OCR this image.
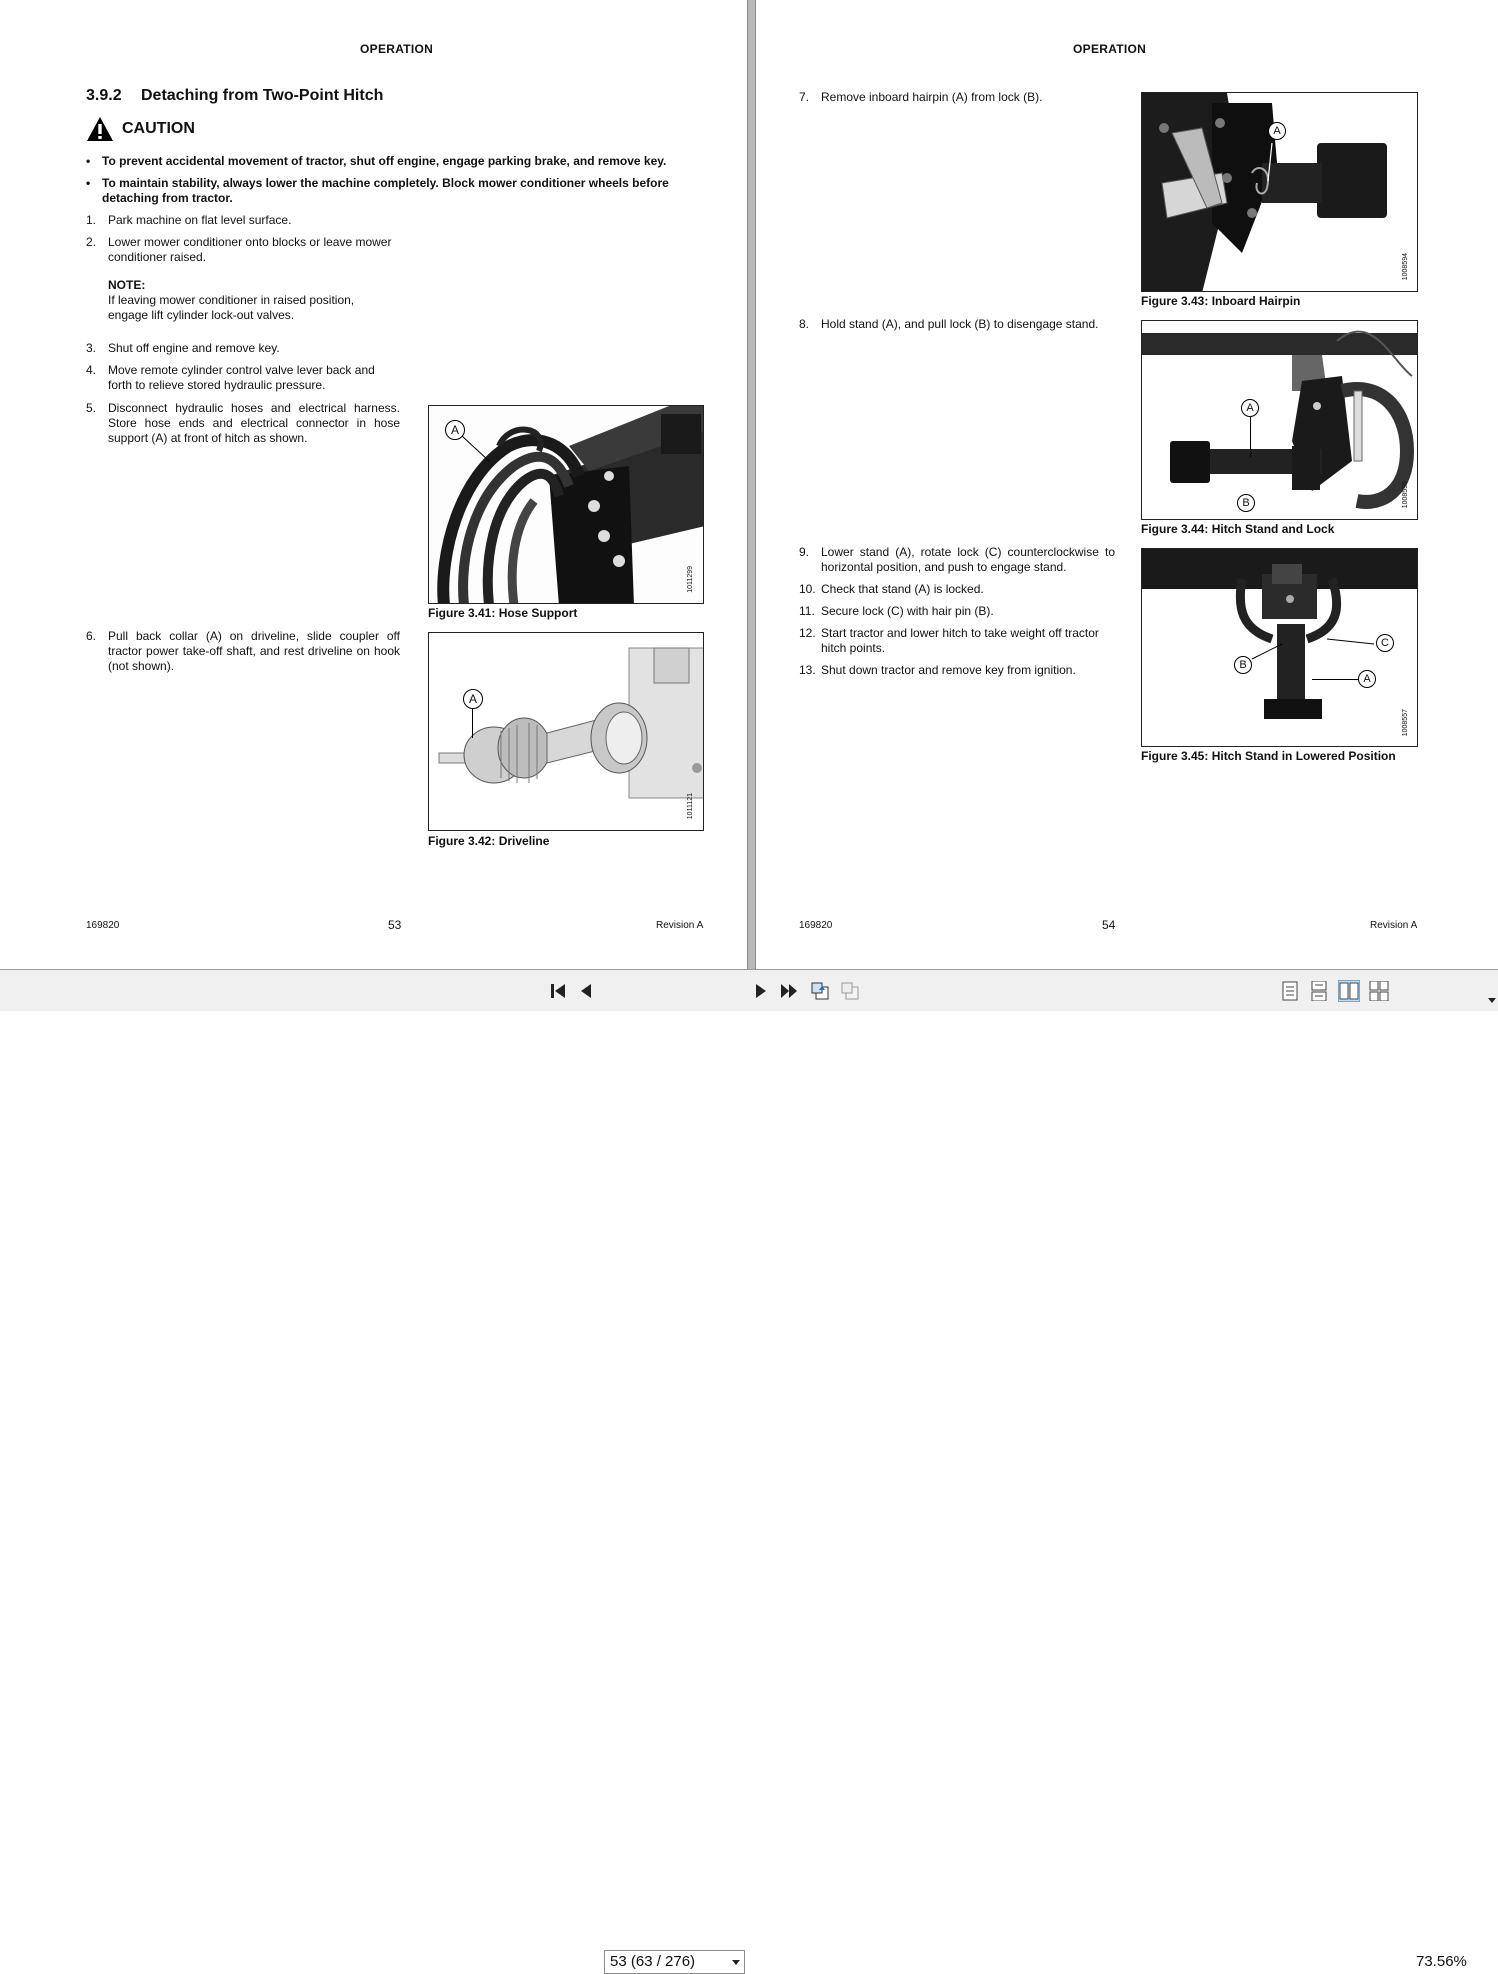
OPERATION
3.9.2 Detaching from Two-Point Hitch
CAUTION
• To prevent accidental movement of tractor, shut off engine, engage parking brake, and remove key.
• To maintain stability, always lower the machine completely. Block mower conditioner wheels before detaching from tractor.
1. Park machine on flat level surface.
2. Lower mower conditioner onto blocks or leave mower conditioner raised.
NOTE:
If leaving mower conditioner in raised position, engage lift cylinder lock-out valves.
3. Shut off engine and remove key.
4. Move remote cylinder control valve lever back and forth to relieve stored hydraulic pressure.
5. Disconnect hydraulic hoses and electrical harness. Store hose ends and electrical connector in hose support (A) at front of hitch as shown.
6. Pull back collar (A) on driveline, slide coupler off tractor power take-off shaft, and rest driveline on hook (not shown).
A
1011299
Figure 3.41: Hose Support
A
1011121
Figure 3.42: Driveline
169820	53	Revision A
OPERATION
7. Remove inboard hairpin (A) from lock (B).
8. Hold stand (A), and pull lock (B) to disengage stand.
9. Lower stand (A), rotate lock (C) counterclockwise to horizontal position, and push to engage stand.
10. Check that stand (A) is locked.
11. Secure lock (C) with hair pin (B).
12. Start tractor and lower hitch to take weight off tractor hitch points.
13. Shut down tractor and remove key from ignition.
A
1008594
Figure 3.43: Inboard Hairpin
A
B	1008555
Figure 3.44: Hitch Stand and Lock
C
B
A
1008557
Figure 3.45: Hitch Stand in Lowered Position
169820	54	Revision A
53 (63 / 276)	73.56%
